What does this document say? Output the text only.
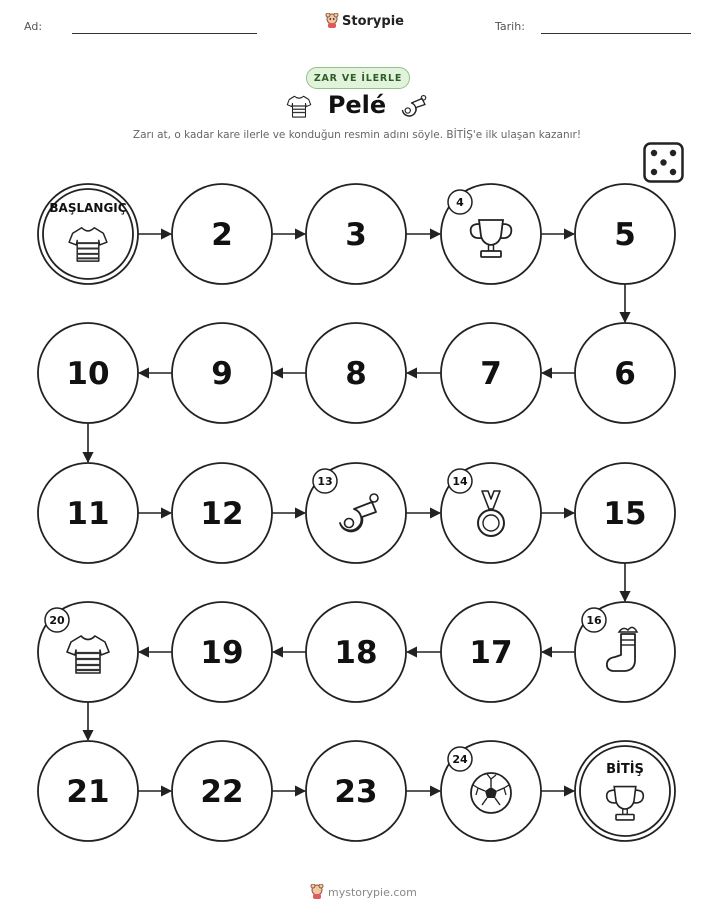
Ad:	Storypie	Tarih:
ZAR VE İLERLE
Pelé
Zarı at, o kadar kare ilerle ve konduğun resmin adını söyle. BİTİŞ'e ilk ulaşan kazanır!
BAŞLANGIÇ
2	3
4
5
10	9	8	7	6
11	12
13	14
15
20
19	18	17
16
21	22	23
24
BİTİŞ
mystorypie.com
